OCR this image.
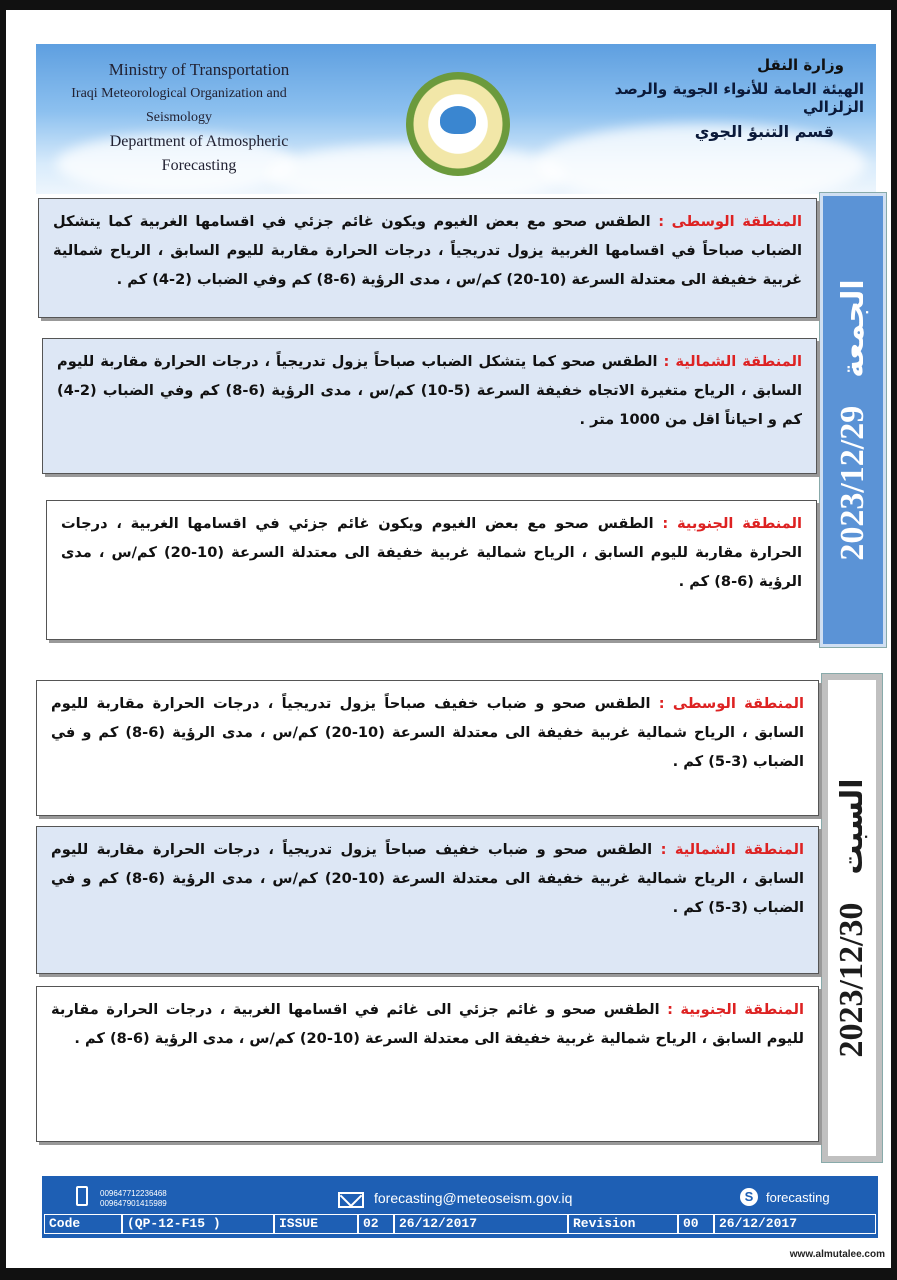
Ministry of Transportation
Iraqi Meteorological Organization and Seismology
Department of Atmospheric Forecasting
وزارة النقل
الهيئة العامة للأنواء الجوية والرصد الزلزالي
قسم التنبؤ الجوي
2023/12/29الجمعة
المنطقة الوسطى : الطقس صحو مع بعض الغيوم ويكون غائم جزئي في اقسامها الغربية كما يتشكل الضباب صباحاً في اقسامها الغربية يزول تدريجياً ، درجات الحرارة مقاربة لليوم السابق ، الرياح شمالية غربية خفيفة الى معتدلة السرعة (10-20) كم/س ، مدى الرؤية (6-8) كم وفي الضباب (2-4) كم .
المنطقة الشمالية : الطقس صحو كما يتشكل الضباب صباحاً يزول تدريجياً ، درجات الحرارة مقاربة لليوم السابق ، الرياح متغيرة الاتجاه خفيفة السرعة (5-10) كم/س ، مدى الرؤية (6-8) كم وفي الضباب (2-4) كم و احياناً اقل من 1000 متر .
المنطقة الجنوبية : الطقس صحو مع بعض الغيوم ويكون غائم جزئي في اقسامها الغربية ، درجات الحرارة مقاربة لليوم السابق ، الرياح شمالية غربية خفيفة الى معتدلة السرعة (10-20) كم/س ، مدى الرؤية (6-8) كم .
2023/12/30السبت
المنطقة الوسطى : الطقس صحو و ضباب خفيف صباحاً يزول تدريجياً ، درجات الحرارة مقاربة لليوم السابق ، الرياح شمالية غربية خفيفة الى معتدلة السرعة (10-20) كم/س ، مدى الرؤية (6-8) كم و في الضباب (3-5) كم .
المنطقة الشمالية : الطقس صحو و ضباب خفيف صباحاً يزول تدريجياً ، درجات الحرارة مقاربة لليوم السابق ، الرياح شمالية غربية خفيفة الى معتدلة السرعة (10-20) كم/س ، مدى الرؤية (6-8) كم و في الضباب (3-5) كم .
المنطقة الجنوبية : الطقس صحو و غائم جزئي الى غائم في اقسامها الغربية ، درجات الحرارة مقاربة لليوم السابق ، الرياح شمالية غربية خفيفة الى معتدلة السرعة (10-20) كم/س ، مدى الرؤية (6-8) كم .
009647712236468
009647901415989	forecasting@meteoseism.gov.iq	S forecasting
Code	(QP-12-F15 )	ISSUE	02	26/12/2017	Revision	00	26/12/2017
www.almutalee.com
